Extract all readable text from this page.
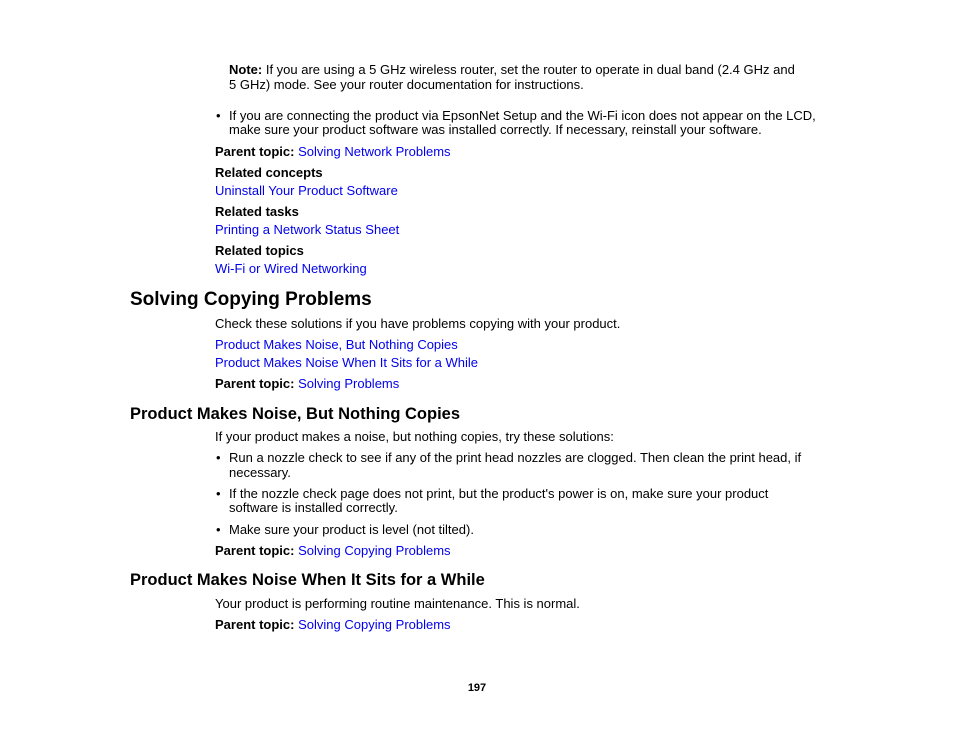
Note: If you are using a 5 GHz wireless router, set the router to operate in dual band (2.4 GHz and
5 GHz) mode. See your router documentation for instructions.
• If you are connecting the product via EpsonNet Setup and the Wi-Fi icon does not appear on the LCD,
make sure your product software was installed correctly. If necessary, reinstall your software.
Parent topic: Solving Network Problems
Related concepts
Uninstall Your Product Software
Related tasks
Printing a Network Status Sheet
Related topics
Wi-Fi or Wired Networking
Solving Copying Problems
Check these solutions if you have problems copying with your product.
Product Makes Noise, But Nothing Copies
Product Makes Noise When It Sits for a While
Parent topic: Solving Problems
Product Makes Noise, But Nothing Copies
If your product makes a noise, but nothing copies, try these solutions:
• Run a nozzle check to see if any of the print head nozzles are clogged. Then clean the print head, if
necessary.
• If the nozzle check page does not print, but the product's power is on, make sure your product
software is installed correctly.
• Make sure your product is level (not tilted).
Parent topic: Solving Copying Problems
Product Makes Noise When It Sits for a While
Your product is performing routine maintenance. This is normal.
Parent topic: Solving Copying Problems
197
